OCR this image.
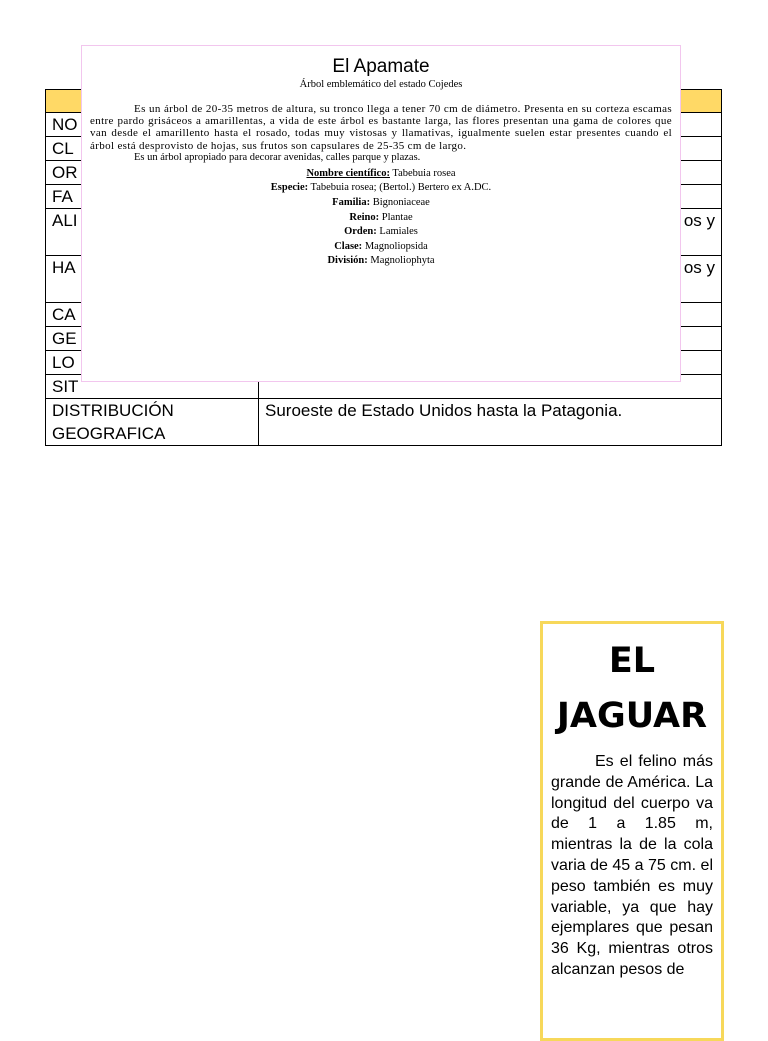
NO	
CL	
OR	
FA	
ALI	os y
HA	os y
CA	
GE	
LO	
SIT	
DISTRIBUCIÓN GEOGRAFICA	Suroeste de Estado Unidos hasta la Patagonia.
El Apamate
Árbol emblemático del estado Cojedes

Es un árbol de 20-35 metros de altura, su tronco llega a tener 70 cm de diámetro. Presenta en su corteza escamas entre pardo grisáceos a amarillentas, a vida de este árbol es bastante larga, las flores presentan una gama de colores que van desde el amarillento hasta el rosado, todas muy vistosas y llamativas, igualmente suelen estar presentes cuando el árbol está desprovisto de hojas, sus frutos son capsulares de 25-35 cm de largo.

Es un árbol apropiado para decorar avenidas, calles parque y plazas.

Nombre científico: Tabebuia rosea
Especie: Tabebuia rosea; (Bertol.) Bertero ex A.DC.
Familia: Bignoniaceae
Reino: Plantae
Orden: Lamiales
Clase: Magnoliopsida
División: Magnoliophyta
EL
JAGUAR

Es el felino más grande de América. La longitud del cuerpo va de 1 a 1.85 m, mientras la de la cola varia de 45 a 75 cm. el peso también es muy variable, ya que hay ejemplares que pesan 36 Kg, mientras otros alcanzan pesos de
